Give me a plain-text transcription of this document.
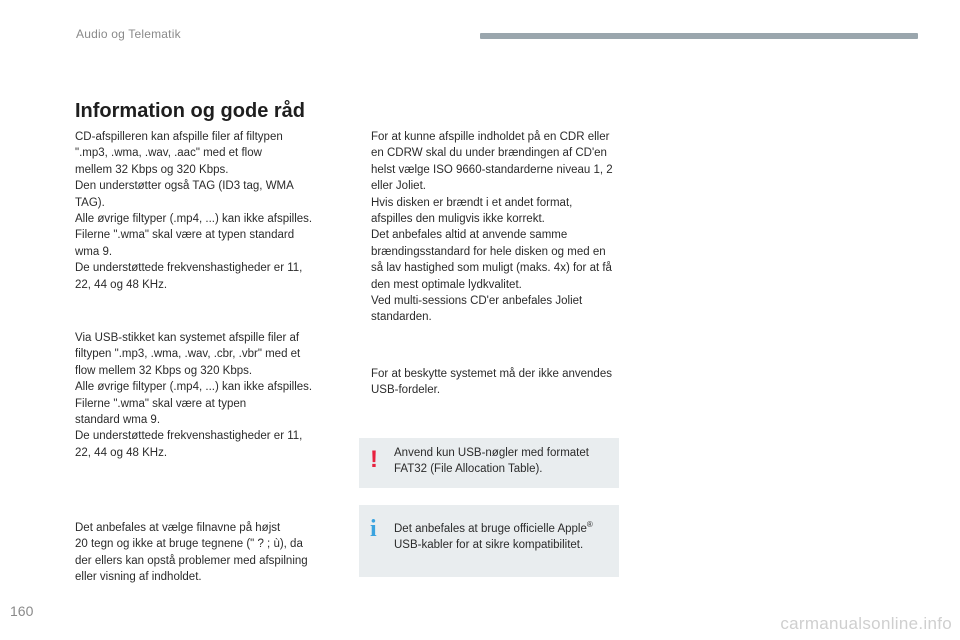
Audio og Telematik
Information og gode råd

CD-afspilleren kan afspille filer af filtypen
".mp3, .wma, .wav, .aac" med et flow
mellem 32 Kbps og 320 Kbps.
Den understøtter også TAG (ID3 tag, WMA
TAG).
Alle øvrige filtyper (.mp4, ...) kan ikke afspilles.
Filerne ".wma" skal være at typen standard
wma 9.
De understøttede frekvenshastigheder er 11,
22, 44 og 48 KHz.

Via USB-stikket kan systemet afspille filer af
filtypen ".mp3, .wma, .wav, .cbr, .vbr" med et
flow mellem 32 Kbps og 320 Kbps.
Alle øvrige filtyper (.mp4, ...) kan ikke afspilles.
Filerne ".wma" skal være at typen
standard wma 9.
De understøttede frekvenshastigheder er 11,
22, 44 og 48 KHz.

Det anbefales at vælge filnavne på højst
20 tegn og ikke at bruge tegnene (" ? ; ù), da
der ellers kan opstå problemer med afspilning
eller visning af indholdet.

For at kunne afspille indholdet på en CDR eller
en CDRW skal du under brændingen af CD'en
helst vælge ISO 9660-standarderne niveau 1, 2
eller Joliet.
Hvis disken er brændt i et andet format,
afspilles den muligvis ikke korrekt.
Det anbefales altid at anvende samme
brændingsstandard for hele disken og med en
så lav hastighed som muligt (maks. 4x) for at få
den mest optimale lydkvalitet.
Ved multi-sessions CD'er anbefales Joliet
standarden.

For at beskytte systemet må der ikke anvendes
USB-fordeler.

! Anvend kun USB-nøgler med formatet
FAT32 (File Allocation Table).

i Det anbefales at bruge officielle Apple®
USB-kabler for at sikre kompatibilitet.

160
carmanualsonline.info
